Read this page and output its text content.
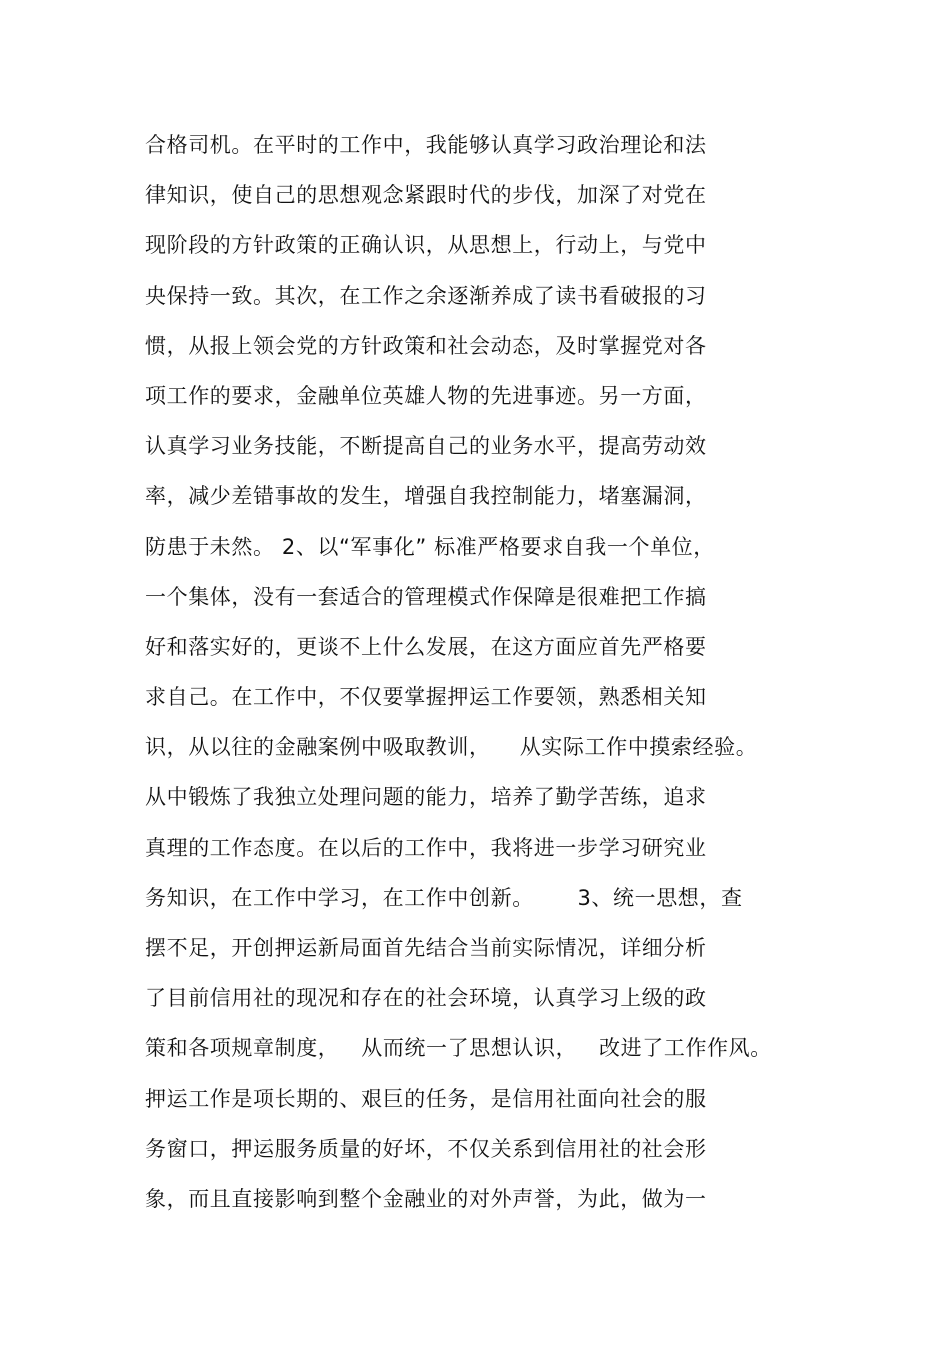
合格司机。在平时的工作中，我能够认真学习政治理论和法
律知识，使自己的思想观念紧跟时代的步伐，加深了对党在
现阶段的方针政策的正确认识，从思想上，行动上，与党中
央保持一致。其次，在工作之余逐渐养成了读书看破报的习
惯，从报上领会党的方针政策和社会动态，及时掌握党对各
项工作的要求，金融单位英雄人物的先进事迹。另一方面，
认真学习业务技能，不断提高自己的业务水平，提高劳动效
率，减少差错事故的发生，增强自我控制能力，堵塞漏洞，
防患于未然。 2、以“军事化” 标准严格要求自我一个单位，
一个集体，没有一套适合的管理模式作保障是很难把工作搞
好和落实好的，更谈不上什么发展，在这方面应首先严格要
求自己。在工作中，不仅要掌握押运工作要领，熟悉相关知
识，从以往的金融案例中吸取教训，    从实际工作中摸索经验。
从中锻炼了我独立处理问题的能力，培养了勤学苦练，追求
真理的工作态度。在以后的工作中，我将进一步学习研究业
务知识，在工作中学习，在工作中创新。      3、统一思想，查
摆不足，开创押运新局面首先结合当前实际情况，详细分析
了目前信用社的现况和存在的社会环境，认真学习上级的政
策和各项规章制度，   从而统一了思想认识，   改进了工作作风。
押运工作是项长期的、艰巨的任务，是信用社面向社会的服
务窗口，押运服务质量的好坏，不仅关系到信用社的社会形
象，而且直接影响到整个金融业的对外声誉，为此，做为一
